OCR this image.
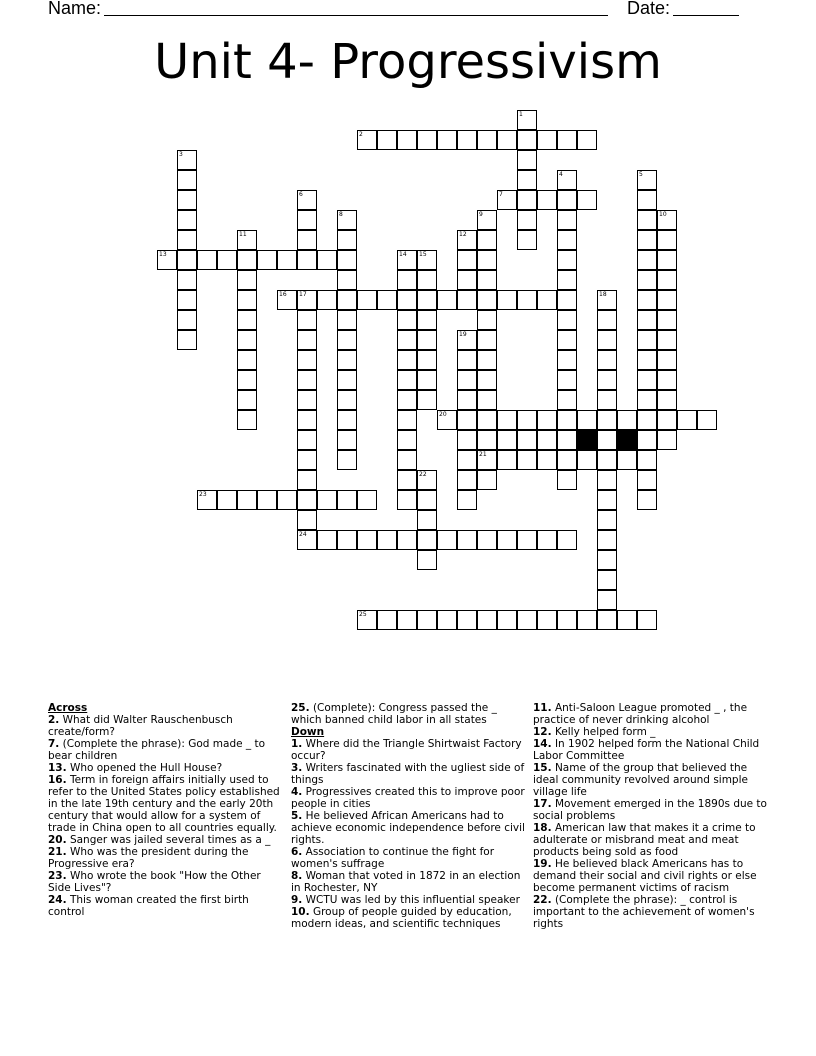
Name:	Date:
Unit 4- Progressivism
1
2
3
4	5
6	7
8	9
21
10
11	12
13	14 15
16 17	18
19
20
22
23
24
25
Across
2. What did Walter Rauschenbusch create/form?
7. (Complete the phrase): God made _ to bear children
13. Who opened the Hull House?
16. Term in foreign affairs initially used to refer to the United States policy established in the late 19th century and the early 20th century that would allow for a system of trade in China open to all countries equally.
20. Sanger was jailed several times as a _
21. Who was the president during the Progressive era?
23. Who wrote the book "How the Other Side Lives"?
24. This woman created the first birth control
25. (Complete): Congress passed the _ which banned child labor in all states
Down
1. Where did the Triangle Shirtwaist Factory occur?
3. Writers fascinated with the ugliest side of things
4. Progressives created this to improve poor people in cities
5. He believed African Americans had to achieve economic independence before civil rights.
6. Association to continue the fight for women's suffrage
8. Woman that voted in 1872 in an election in Rochester, NY
9. WCTU was led by this influential speaker
10. Group of people guided by education, modern ideas, and scientific techniques
11. Anti-Saloon League promoted _ , the practice of never drinking alcohol
12. Kelly helped form _
14. In 1902 helped form the National Child Labor Committee
15. Name of the group that believed the ideal community revolved around simple village life
17. Movement emerged in the 1890s due to social problems
18. American law that makes it a crime to adulterate or misbrand meat and meat products being sold as food
19. He believed black Americans has to demand their social and civil rights or else become permanent victims of racism
22. (Complete the phrase): _ control is important to the achievement of women's rights
